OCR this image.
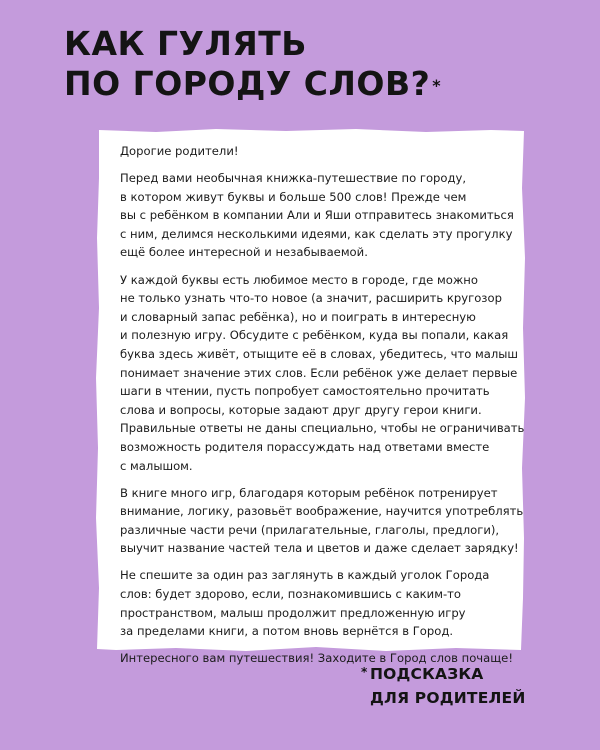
КАК ГУЛЯТЬ
ПО ГОРОДУ СЛОВ? *

Дорогие родители!

Перед вами необычная книжка-путешествие по городу,
в котором живут буквы и больше 500 слов! Прежде чем
вы с ребёнком в компании Али и Яши отправитесь знакомиться
с ним, делимся несколькими идеями, как сделать эту прогулку
ещё более интересной и незабываемой.

У каждой буквы есть любимое место в городе, где можно
не только узнать что-то новое (а значит, расширить кругозор
и словарный запас ребёнка), но и поиграть в интересную
и полезную игру. Обсудите с ребёнком, куда вы попали, какая
буква здесь живёт, отыщите её в словах, убедитесь, что малыш
понимает значение этих слов. Если ребёнок уже делает первые
шаги в чтении, пусть попробует самостоятельно прочитать
слова и вопросы, которые задают друг другу герои книги.
Правильные ответы не даны специально, чтобы не ограничивать
возможность родителя порассуждать над ответами вместе
с малышом.

В книге много игр, благодаря которым ребёнок потренирует
внимание, логику, разовьёт воображение, научится употреблять
различные части речи (прилагательные, глаголы, предлоги),
выучит название частей тела и цветов и даже сделает зарядку!

Не спешите за один раз заглянуть в каждый уголок Города
слов: будет здорово, если, познакомившись с каким-то
пространством, малыш продолжит предложенную игру
за пределами книги, а потом вновь вернётся в Город.

Интересного вам путешествия! Заходите в Город слов почаще!

* ПОДСКАЗКА
ДЛЯ РОДИТЕЛЕЙ
